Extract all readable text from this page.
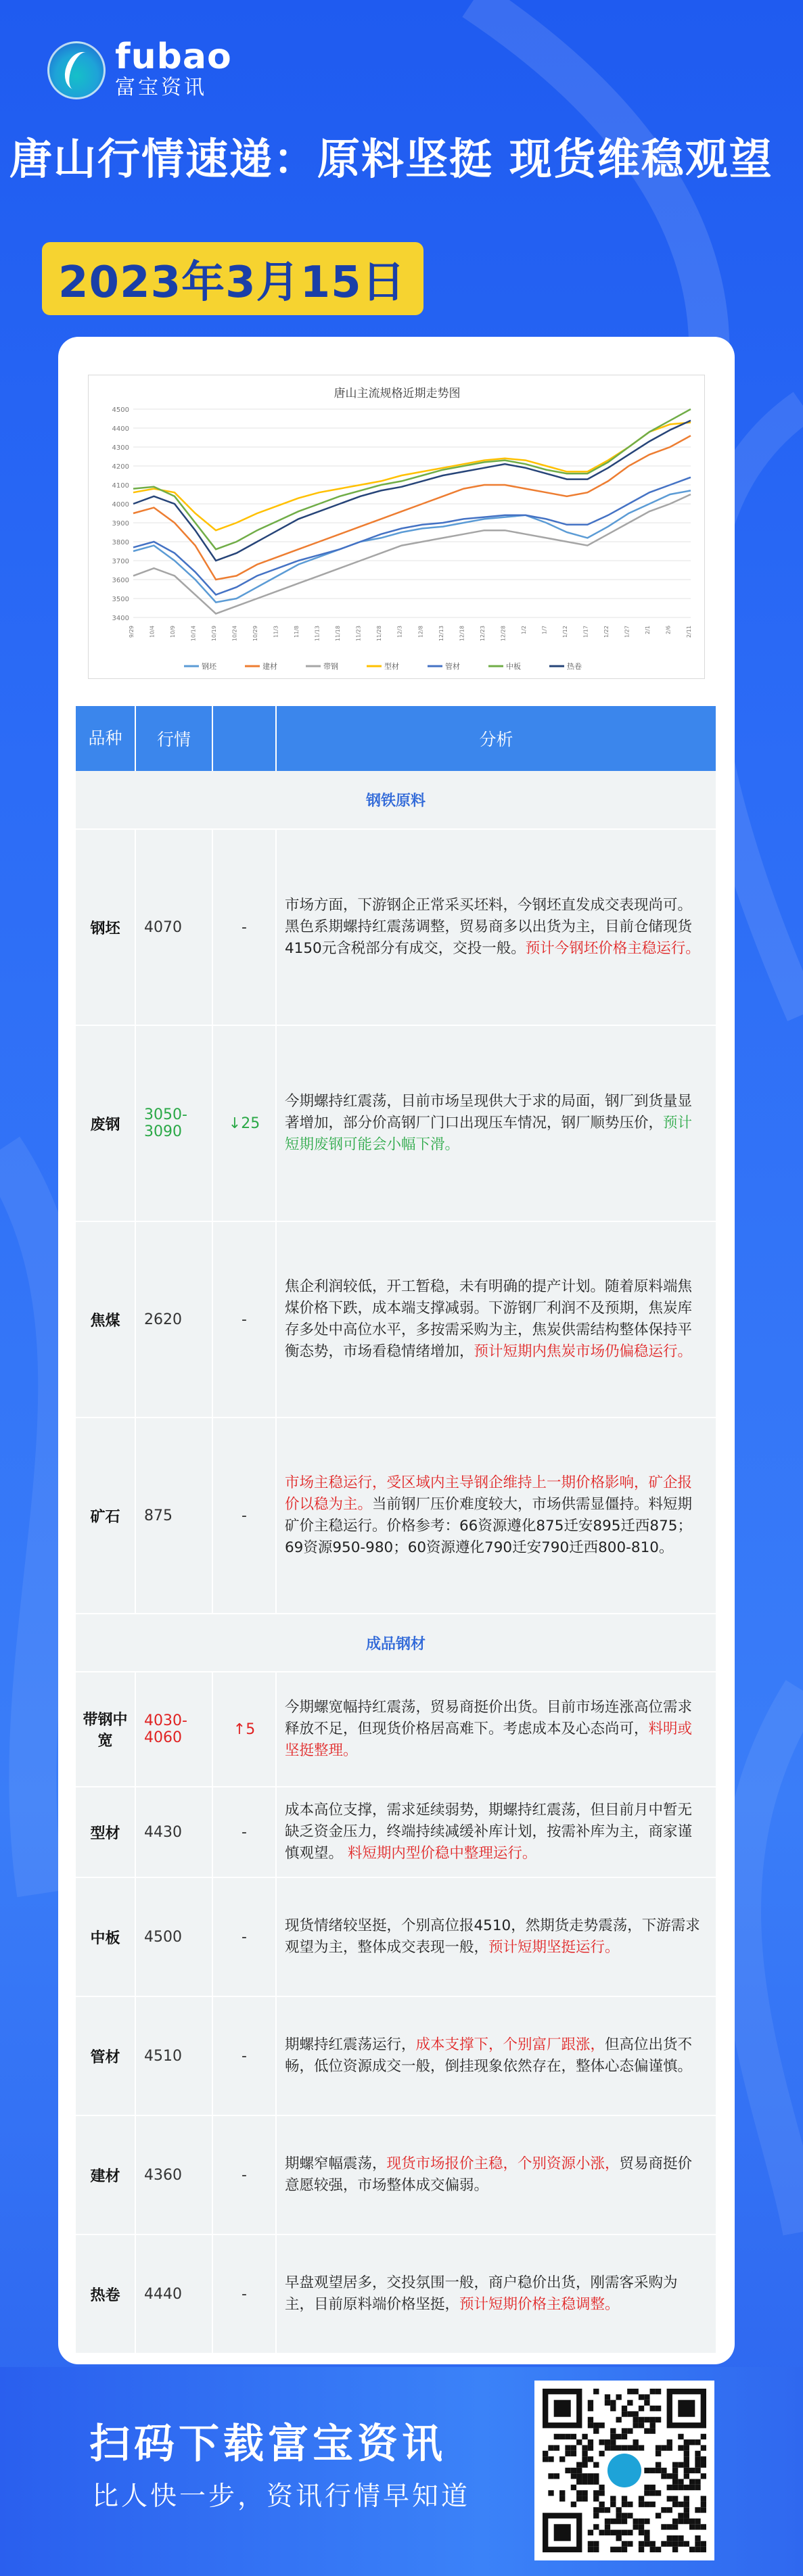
fubao
富宝资讯
唐山行情速递：原料坚挺 现货维稳观望
2023年3月15日
唐山主流规格近期走势图
3400
3500
3600
3700
3800
3900
4000
4100
4200
4300
4400
4500
9/29	10/4	10/9	10/14	10/19	10/24	10/29	11/3	11/8	11/13	11/18	11/23	11/28	12/3	12/8	12/13	12/18	12/23	12/28	1/2	1/7	1/12	1/17	1/22	1/27	2/1	2/6	2/11
钢坯	建材	带钢	型材	管材	中板	热卷
品种	行情		分析
钢铁原料			
钢坯	4070	-	市场方面，下游钢企正常采买坯料，今钢坯直发成交表现尚可。黑色系期螺持红震荡调整，贸易商多以出货为主，目前仓储现货4150元含税部分有成交，交投一般。预计今钢坯价格主稳运行。
废钢	3050-3090	↓25	今期螺持红震荡，目前市场呈现供大于求的局面，钢厂到货量显著增加，部分价高钢厂门口出现压车情况，钢厂顺势压价，预计短期废钢可能会小幅下滑。
焦煤	2620	-	焦企利润较低，开工暂稳，未有明确的提产计划。随着原料端焦煤价格下跌，成本端支撑减弱。下游钢厂利润不及预期，焦炭库存多处中高位水平，多按需采购为主，焦炭供需结构整体保持平衡态势，市场看稳情绪增加，预计短期内焦炭市场仍偏稳运行。
矿石	875	-	市场主稳运行，受区域内主导钢企维持上一期价格影响，矿企报价以稳为主。当前钢厂压价难度较大，市场供需显僵持。料短期矿价主稳运行。价格参考：66资源遵化875迁安895迁西875；69资源950-980；60资源遵化790迁安790迁西800-810。
成品钢材			
带钢中宽	4030-4060	↑5	今期螺宽幅持红震荡，贸易商挺价出货。目前市场连涨高位需求释放不足，但现货价格居高难下。考虑成本及心态尚可，料明或坚挺整理。
型材	4430	-	成本高位支撑，需求延续弱势，期螺持红震荡，但目前月中暂无缺乏资金压力，终端持续减缓补库计划，按需补库为主，商家谨慎观望。 料短期内型价稳中整理运行。
中板	4500	-	现货情绪较坚挺，个别高位报4510，然期货走势震荡，下游需求观望为主，整体成交表现一般，预计短期坚挺运行。
管材	4510	-	期螺持红震荡运行，成本支撑下，个别富厂跟涨，但高位出货不畅，低位资源成交一般，倒挂现象依然存在，整体心态偏谨慎。
建材	4360	-	期螺窄幅震荡，现货市场报价主稳，个别资源小涨，贸易商挺价意愿较强，市场整体成交偏弱。
热卷	4440	-	早盘观望居多，交投氛围一般，商户稳价出货，刚需客采购为主，目前原料端价格坚挺，预计短期价格主稳调整。
扫码下载富宝资讯
比人快一步，资讯行情早知道
